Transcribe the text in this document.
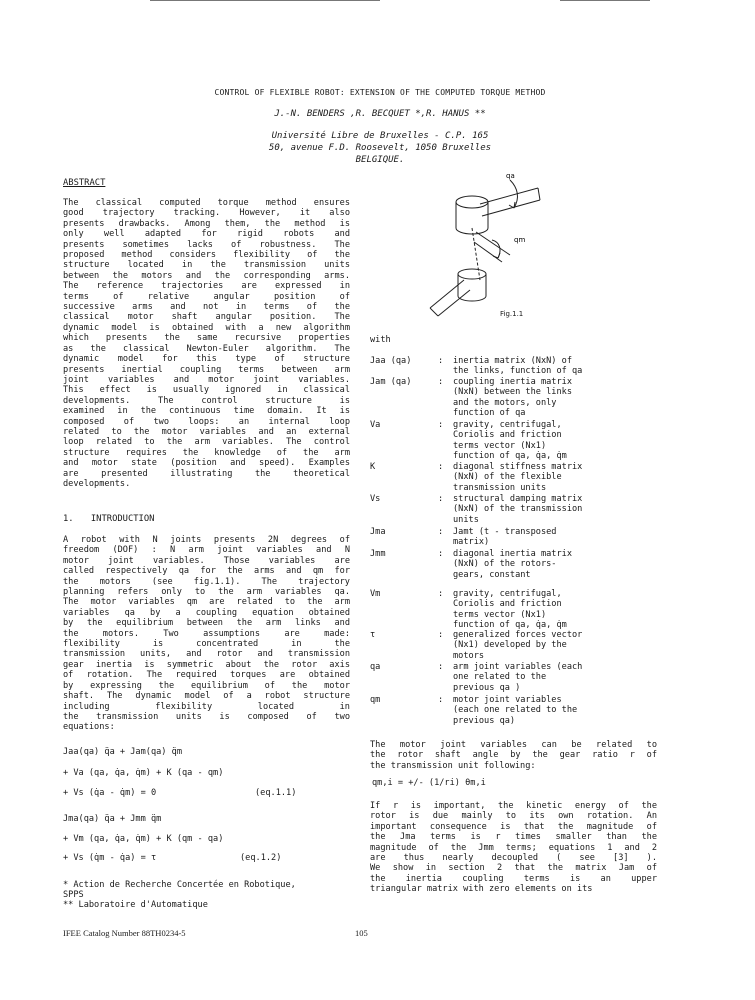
CONTROL OF FLEXIBLE ROBOT: EXTENSION OF THE COMPUTED TORQUE METHOD
J.-N. BENDERS ,R. BECQUET *,R. HANUS **
Université Libre de Bruxelles - C.P. 165
50, avenue F.D. Roosevelt, 1050 Bruxelles
BELGIQUE.
ABSTRACT
The classical computed torque method ensures
good trajectory tracking. However, it also
presents drawbacks. Among them, the method is
only well adapted for rigid robots and
presents sometimes lacks of robustness. The
proposed method considers flexibility of the
structure located in the transmission units
between the motors and the corresponding arms.
The reference trajectories are expressed in
terms of relative angular position of
successive arms and not in terms of the
classical motor shaft angular position. The
dynamic model is obtained with a new algorithm
which presents the same recursive properties
as the classical Newton-Euler algorithm. The
dynamic model for this type of structure
presents inertial coupling terms between arm
joint variables and motor joint variables.
This effect is usually ignored in classical
developments. The control structure is
examined in the continuous time domain. It is
composed of two loops: an internal loop
related to the motor variables and an external
loop related to the arm variables. The control
structure requires the knowledge of the arm
and motor state (position and speed). Examples
are presented illustrating the theoretical
developments.
1. INTRODUCTION
A robot with N joints presents 2N degrees of
freedom (DOF) : N arm joint variables and N
motor joint variables. Those variables are
called respectively qa for the arms and qm for
the motors (see fig.1.1). The trajectory
planning refers only to the arm variables qa.
The motor variables qm are related to the arm
variables qa by a coupling equation obtained
by the equilibrium between the arm links and
the motors. Two assumptions are made:
flexibility is concentrated in the
transmission units, and rotor and transmission
gear inertia is symmetric about the rotor axis
of rotation. The required torques are obtained
by expressing the equilibrium of the motor
shaft. The dynamic model of a robot structure
including flexibility located in
the transmission units is composed of two
equations:
Jaa(qa) q̈a + Jam(qa) q̈m
+ Va (qa, q̇a, q̇m) + K (qa - qm)
+ Vs (q̇a - q̇m) = 0	(eq.1.1)
Jma(qa) q̈a + Jmm q̈m
+ Vm (qa, q̇a, q̇m) + K (qm - qa)
+ Vs (q̇m - q̇a) = τ	(eq.1.2)
* Action de Recherche Concertée en Robotique,
SPPS
** Laboratoire d'Automatique
qa
qm
Fig.1.1
with
Jaa (qa)	: inertia matrix (NxN) of
the links, function of qa
Jam (qa)	: coupling inertia matrix
(NxN) between the links
and the motors, only
function of qa
Va	: gravity, centrifugal,
Coriolis and friction
terms vector (Nx1)
function of qa, q̇a, q̇m
K	: diagonal stiffness matrix
(NxN) of the flexible
transmission units
Vs	: structural damping matrix
(NxN) of the transmission
units
Jma	: Jamt (t - transposed
matrix)
Jmm	: diagonal inertia matrix
(NxN) of the rotors-
gears, constant
Vm	: gravity, centrifugal,
Coriolis and friction
terms vector (Nx1)
function of qa, q̇a, q̇m
τ	: generalized forces vector
(Nx1) developed by the
motors
qa	: arm joint variables (each
one related to the
previous qa )
qm	: motor joint variables
(each one related to the
previous qa)
The motor joint variables can be related to
the rotor shaft angle by the gear ratio r of
the transmission unit following:
qm,i = +/- (1/ri) θm,i
If r is important, the kinetic energy of the
rotor is due mainly to its own rotation. An
important consequence is that the magnitude of
the Jma terms is r times smaller than the
magnitude of the Jmm terms; equations 1 and 2
are thus nearly decoupled ( see [3] ).
We show in section 2 that the matrix Jam of
the inertia coupling terms is an upper
triangular matrix with zero elements on its
IFEE Catalog Number 88TH0234-5	105
